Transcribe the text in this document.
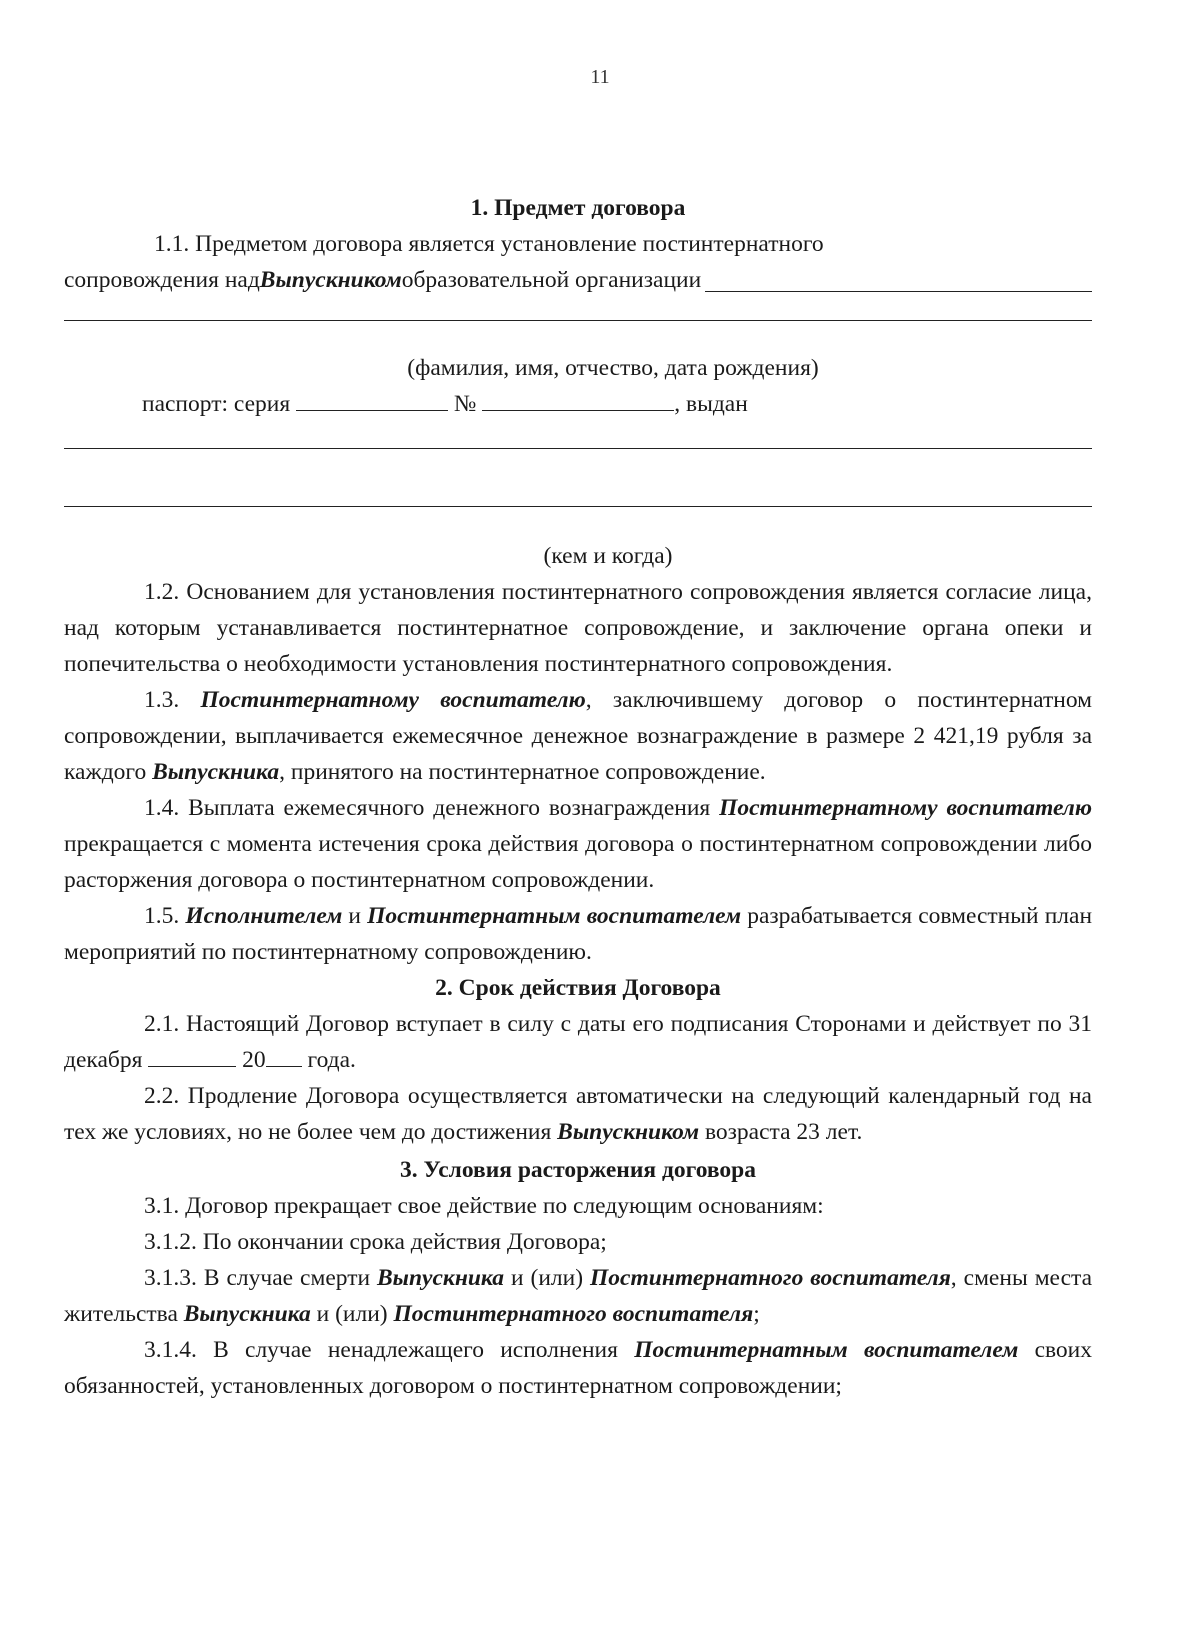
11
1. Предмет договора

1.1. Предметом договора является установление постинтернатного

сопровождения над Выпускником образовательной организации
(фамилия, имя, отчество, дата рождения)
паспорт: серия	№	, выдан
(кем и когда)

1.2. Основанием для установления постинтернатного сопровождения является согласие лица, над которым устанавливается постинтернатное сопровождение, и заключение органа опеки и попечительства о необходимости установления постинтернатного сопровождения.

1.3. Постинтернатному воспитателю, заключившему договор о постинтернатном сопровождении, выплачивается ежемесячное денежное вознаграждение в размере 2 421,19 рубля за каждого Выпускника, принятого на постинтернатное сопровождение.

1.4. Выплата ежемесячного денежного вознаграждения Постинтернатному воспитателю прекращается с момента истечения срока действия договора о постинтернатном сопровождении либо расторжения договора о постинтернатном сопровождении.

1.5. Исполнителем и Постинтернатным воспитателем разрабатывается совместный план мероприятий по постинтернатному сопровождению.

2. Срок действия Договора

2.1. Настоящий Договор вступает в силу с даты его подписания Сторонами и действует по 31 декабря	20 года.

2.2. Продление Договора осуществляется автоматически на следующий календарный год на тех же условиях, но не более чем до достижения Выпускником возраста 23 лет.

3. Условия расторжения договора

3.1. Договор прекращает свое действие по следующим основаниям:

3.1.2. По окончании срока действия Договора;

3.1.3. В случае смерти Выпускника и (или) Постинтернатного воспитателя, смены места жительства Выпускника и (или) Постинтернатного воспитателя;

3.1.4. В случае ненадлежащего исполнения Постинтернатным воспитателем своих обязанностей, установленных договором о постинтернатном сопровождении;
